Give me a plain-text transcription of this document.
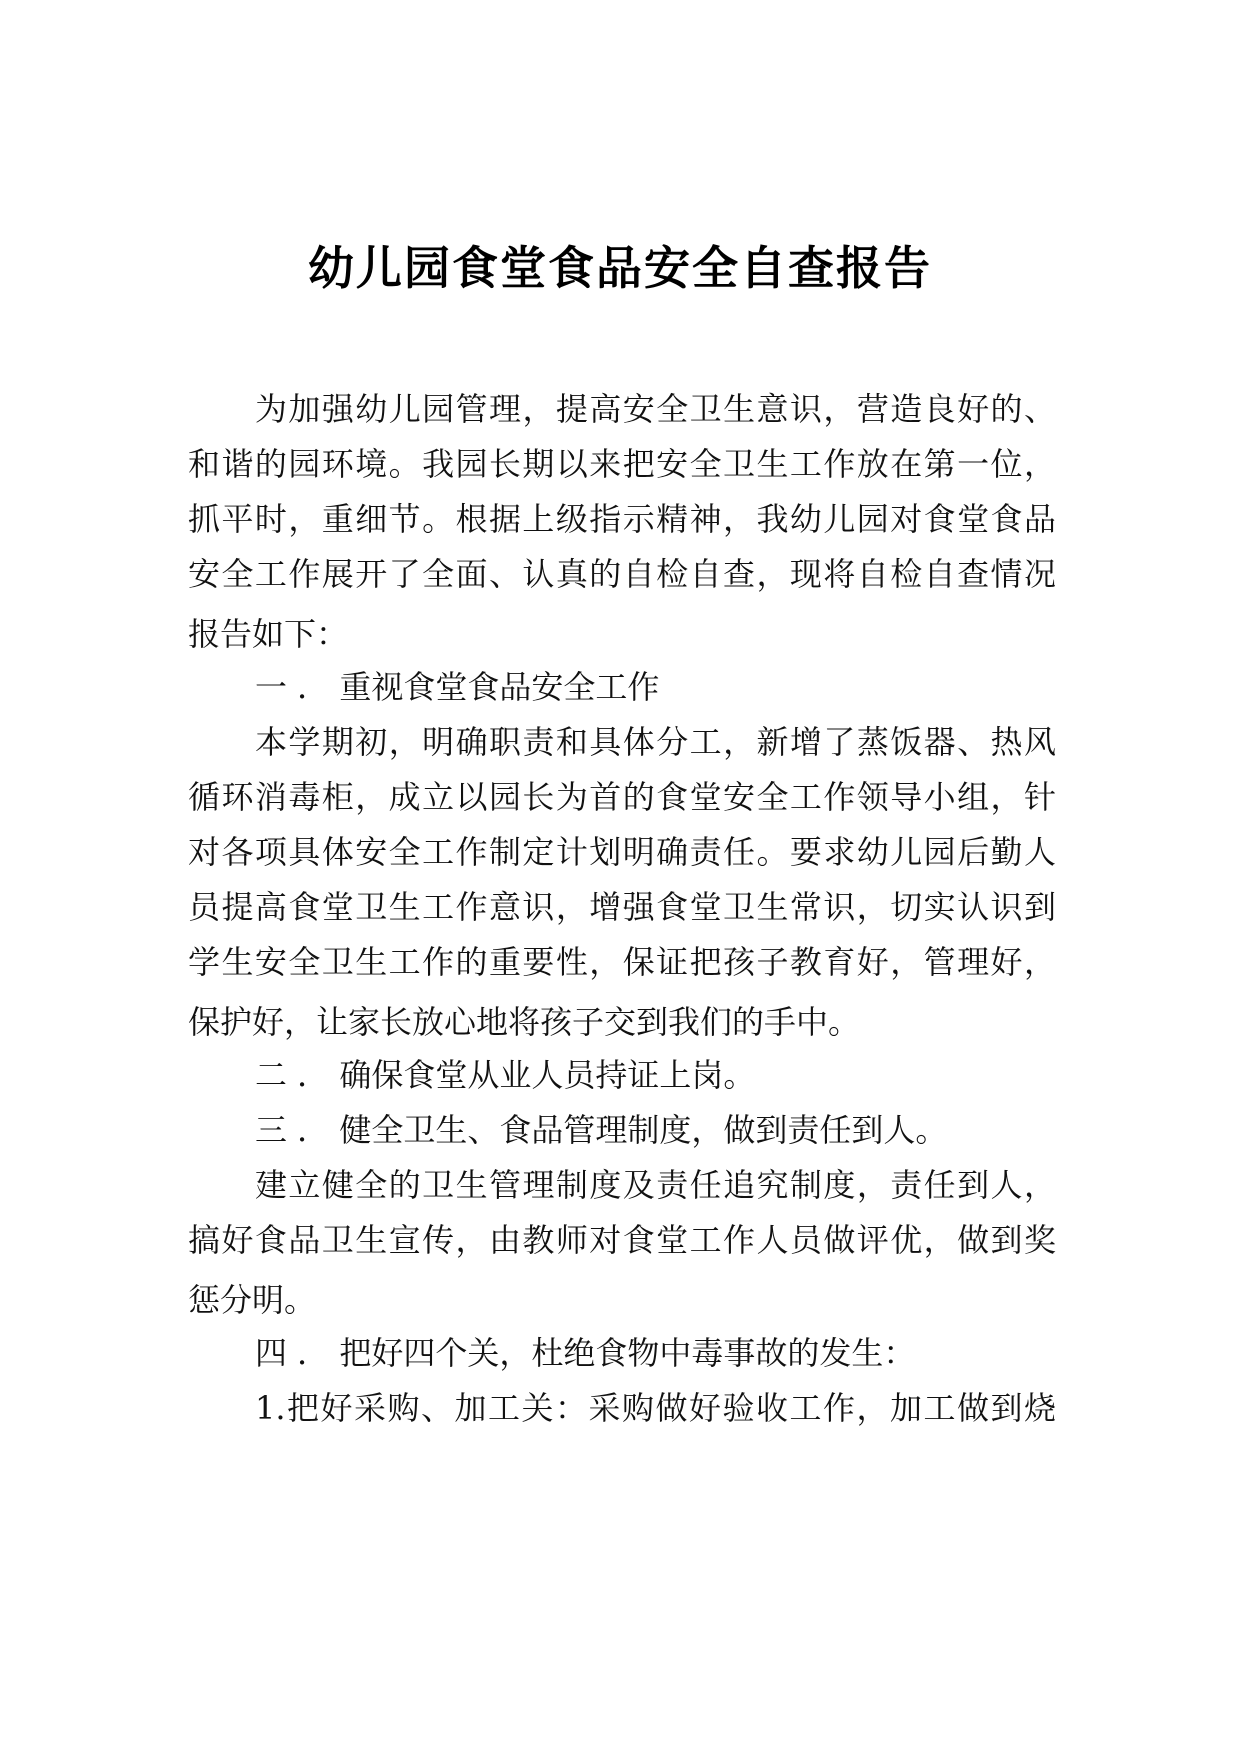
幼儿园食堂食品安全自查报告

为加强幼儿园管理，提高安全卫生意识，营造良好的、

和谐的园环境。我园长期以来把安全卫生工作放在第一位，

抓平时，重细节。根据上级指示精神，我幼儿园对食堂食品

安全工作展开了全面、认真的自检自查，现将自检自查情况

报告如下：

一 ． 重视食堂食品安全工作

本学期初，明确职责和具体分工，新增了蒸饭器、热风

循环消毒柜，成立以园长为首的食堂安全工作领导小组，针

对各项具体安全工作制定计划明确责任。要求幼儿园后勤人

员提高食堂卫生工作意识，增强食堂卫生常识，切实认识到

学生安全卫生工作的重要性，保证把孩子教育好，管理好，

保护好，让家长放心地将孩子交到我们的手中。

二 ． 确保食堂从业人员持证上岗。

三 ． 健全卫生、食品管理制度，做到责任到人。

建立健全的卫生管理制度及责任追究制度，责任到人，

搞好食品卫生宣传，由教师对食堂工作人员做评优，做到奖

惩分明。

四 ． 把好四个关，杜绝食物中毒事故的发生：

1.把好采购、加工关：采购做好验收工作，加工做到烧
